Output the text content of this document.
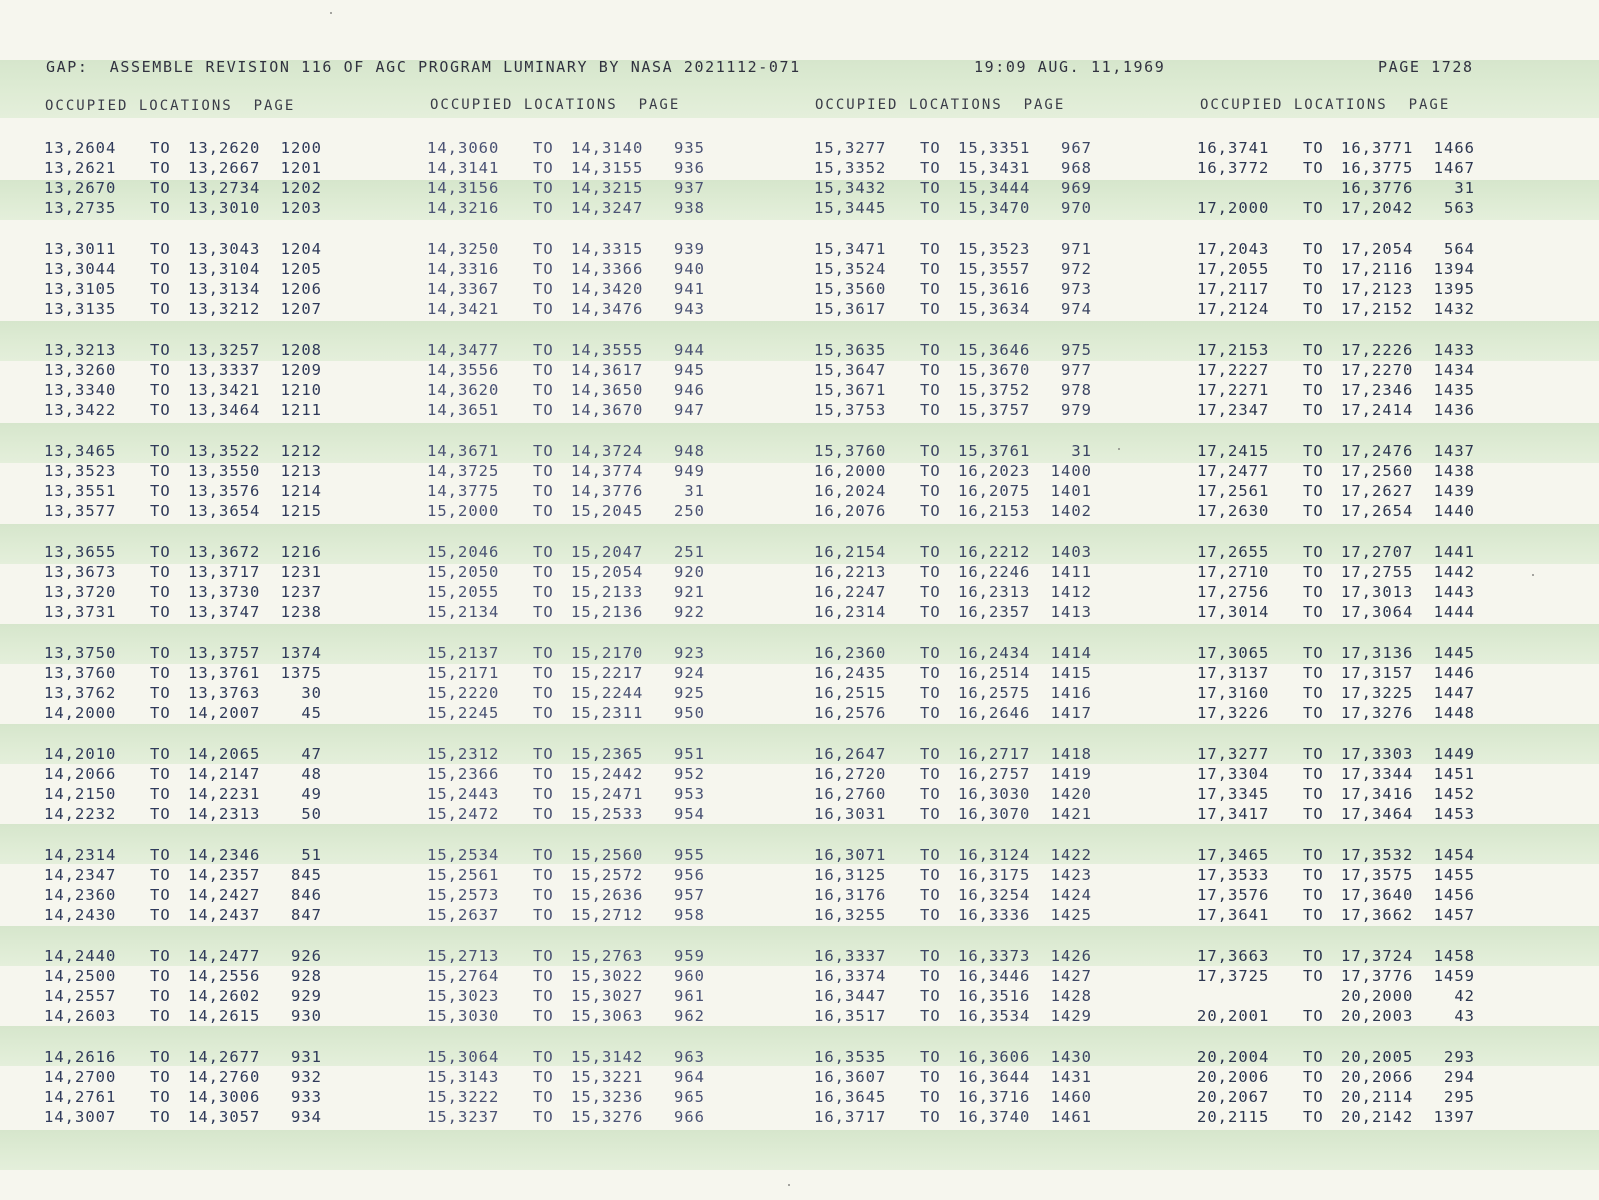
GAP:  ASSEMBLE REVISION 116 OF AGC PROGRAM LUMINARY BY NASA 2021112-071	19:09 AUG. 11,1969	PAGE 1728
OCCUPIED LOCATIONS  PAGE	OCCUPIED LOCATIONS  PAGE	OCCUPIED LOCATIONS  PAGE	OCCUPIED LOCATIONS  PAGE
13,2604 TO 13,2620	1200
13,2621 TO 13,2667	1201
13,2670 TO 13,2734	1202
13,2735 TO 13,3010	1203
13,3011 TO 13,3043	1204
13,3044 TO 13,3104	1205
13,3105 TO 13,3134	1206
13,3135 TO 13,3212	1207
13,3213 TO 13,3257	1208
13,3260 TO 13,3337	1209
13,3340 TO 13,3421	1210
13,3422 TO 13,3464	1211
13,3465 TO 13,3522	1212
13,3523 TO 13,3550	1213
13,3551 TO 13,3576	1214
13,3577 TO 13,3654	1215
13,3655 TO 13,3672	1216
13,3673 TO 13,3717	1231
13,3720 TO 13,3730	1237
13,3731 TO 13,3747	1238
13,3750 TO 13,3757	1374
13,3760 TO 13,3761	1375
13,3762 TO 13,3763	30
14,2000 TO 14,2007	45
14,2010 TO 14,2065	47
14,2066 TO 14,2147	48
14,2150 TO 14,2231	49
14,2232 TO 14,2313	50
14,2314 TO 14,2346	51
14,2347 TO 14,2357	845
14,2360 TO 14,2427	846
14,2430 TO 14,2437	847
14,2440 TO 14,2477	926
14,2500 TO 14,2556	928
14,2557 TO 14,2602	929
14,2603 TO 14,2615	930
14,2616 TO 14,2677	931
14,2700 TO 14,2760	932
14,2761 TO 14,3006	933
14,3007 TO 14,3057	934
14,3060 TO 14,3140	935
14,3141 TO 14,3155	936
14,3156 TO 14,3215	937
14,3216 TO 14,3247	938
14,3250 TO 14,3315	939
14,3316 TO 14,3366	940
14,3367 TO 14,3420	941
14,3421 TO 14,3476	943
14,3477 TO 14,3555	944
14,3556 TO 14,3617	945
14,3620 TO 14,3650	946
14,3651 TO 14,3670	947
14,3671 TO 14,3724	948
14,3725 TO 14,3774	949
14,3775 TO 14,3776	31
15,2000 TO 15,2045	250
15,2046 TO 15,2047	251
15,2050 TO 15,2054	920
15,2055 TO 15,2133	921
15,2134 TO 15,2136	922
15,2137 TO 15,2170	923
15,2171 TO 15,2217	924
15,2220 TO 15,2244	925
15,2245 TO 15,2311	950
15,2312 TO 15,2365	951
15,2366 TO 15,2442	952
15,2443 TO 15,2471	953
15,2472 TO 15,2533	954
15,2534 TO 15,2560	955
15,2561 TO 15,2572	956
15,2573 TO 15,2636	957
15,2637 TO 15,2712	958
15,2713 TO 15,2763	959
15,2764 TO 15,3022	960
15,3023 TO 15,3027	961
15,3030 TO 15,3063	962
15,3064 TO 15,3142	963
15,3143 TO 15,3221	964
15,3222 TO 15,3236	965
15,3237 TO 15,3276	966
15,3277 TO 15,3351	967
15,3352 TO 15,3431	968
15,3432 TO 15,3444	969
15,3445 TO 15,3470	970
15,3471 TO 15,3523	971
15,3524 TO 15,3557	972
15,3560 TO 15,3616	973
15,3617 TO 15,3634	974
15,3635 TO 15,3646	975
15,3647 TO 15,3670	977
15,3671 TO 15,3752	978
15,3753 TO 15,3757	979
15,3760 TO 15,3761	31
16,2000 TO 16,2023	1400
16,2024 TO 16,2075	1401
16,2076 TO 16,2153	1402
16,2154 TO 16,2212	1403
16,2213 TO 16,2246	1411
16,2247 TO 16,2313	1412
16,2314 TO 16,2357	1413
16,2360 TO 16,2434	1414
16,2435 TO 16,2514	1415
16,2515 TO 16,2575	1416
16,2576 TO 16,2646	1417
16,2647 TO 16,2717	1418
16,2720 TO 16,2757	1419
16,2760 TO 16,3030	1420
16,3031 TO 16,3070	1421
16,3071 TO 16,3124	1422
16,3125 TO 16,3175	1423
16,3176 TO 16,3254	1424
16,3255 TO 16,3336	1425
16,3337 TO 16,3373	1426
16,3374 TO 16,3446	1427
16,3447 TO 16,3516	1428
16,3517 TO 16,3534	1429
16,3535 TO 16,3606	1430
16,3607 TO 16,3644	1431
16,3645 TO 16,3716	1460
16,3717 TO 16,3740	1461
16,3741 TO 16,3771	1466
16,3772 TO 16,3775	1467
16,3776	31
17,2000 TO 17,2042	563
17,2043 TO 17,2054	564
17,2055 TO 17,2116	1394
17,2117 TO 17,2123	1395
17,2124 TO 17,2152	1432
17,2153 TO 17,2226	1433
17,2227 TO 17,2270	1434
17,2271 TO 17,2346	1435
17,2347 TO 17,2414	1436
17,2415 TO 17,2476	1437
17,2477 TO 17,2560	1438
17,2561 TO 17,2627	1439
17,2630 TO 17,2654	1440
17,2655 TO 17,2707	1441
17,2710 TO 17,2755	1442
17,2756 TO 17,3013	1443
17,3014 TO 17,3064	1444
17,3065 TO 17,3136	1445
17,3137 TO 17,3157	1446
17,3160 TO 17,3225	1447
17,3226 TO 17,3276	1448
17,3277 TO 17,3303	1449
17,3304 TO 17,3344	1451
17,3345 TO 17,3416	1452
17,3417 TO 17,3464	1453
17,3465 TO 17,3532	1454
17,3533 TO 17,3575	1455
17,3576 TO 17,3640	1456
17,3641 TO 17,3662	1457
17,3663 TO 17,3724	1458
17,3725 TO 17,3776	1459
20,2000	42
20,2001 TO 20,2003	43
20,2004 TO 20,2005	293
20,2006 TO 20,2066	294
20,2067 TO 20,2114	295
20,2115 TO 20,2142	1397
